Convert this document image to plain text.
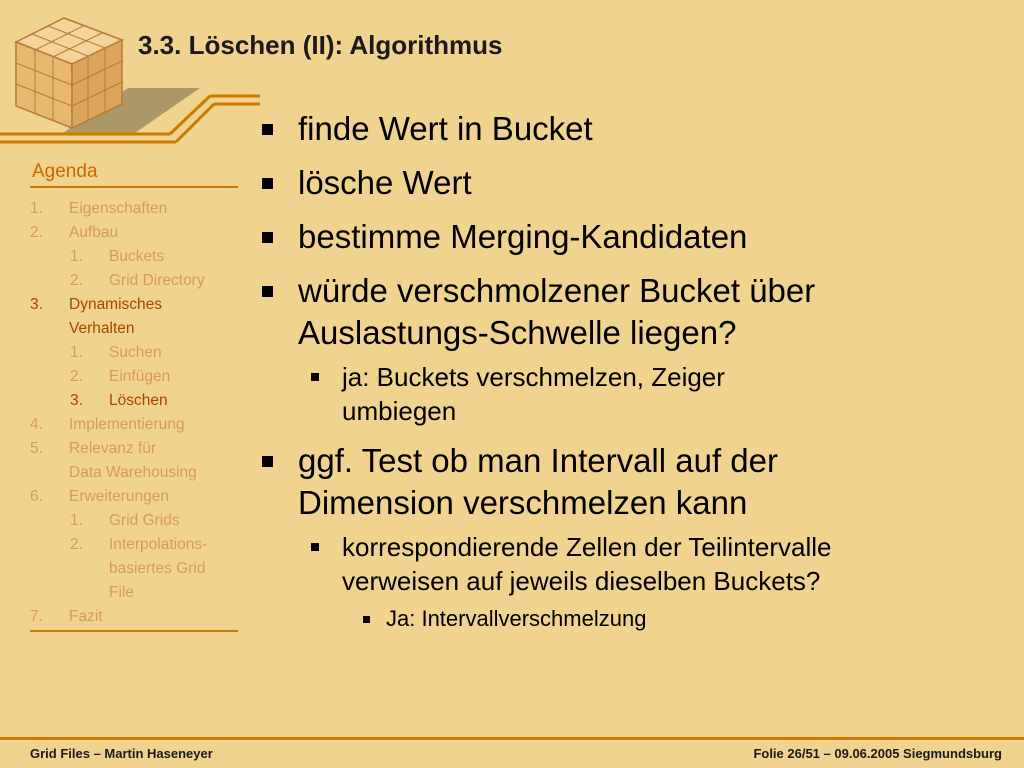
3.3. Löschen (II): Algorithmus
Agenda
1. Eigenschaften

2. Aufbau

1. Buckets

2. Grid Directory

3. Dynamisches

Verhalten

1. Suchen

2. Einfügen

3. Löschen

4. Implementierung

5. Relevanz für

Data Warehousing

6. Erweiterungen

1. Grid Grids

2. Interpolations-

basiertes Grid

File

7. Fazit

finde Wert in Bucket
lösche Wert
bestimme Merging-Kandidaten
würde verschmolzener Bucket über
Auslastungs-Schwelle liegen?
ja: Buckets verschmelzen, Zeiger
umbiegen
ggf. Test ob man Intervall auf der
Dimension verschmelzen kann
korrespondierende Zellen der Teilintervalle
verweisen auf jeweils dieselben Buckets?
Ja: Intervallverschmelzung
Grid Files – Martin Haseneyer	Folie 26/51 – 09.06.2005 Siegmundsburg
